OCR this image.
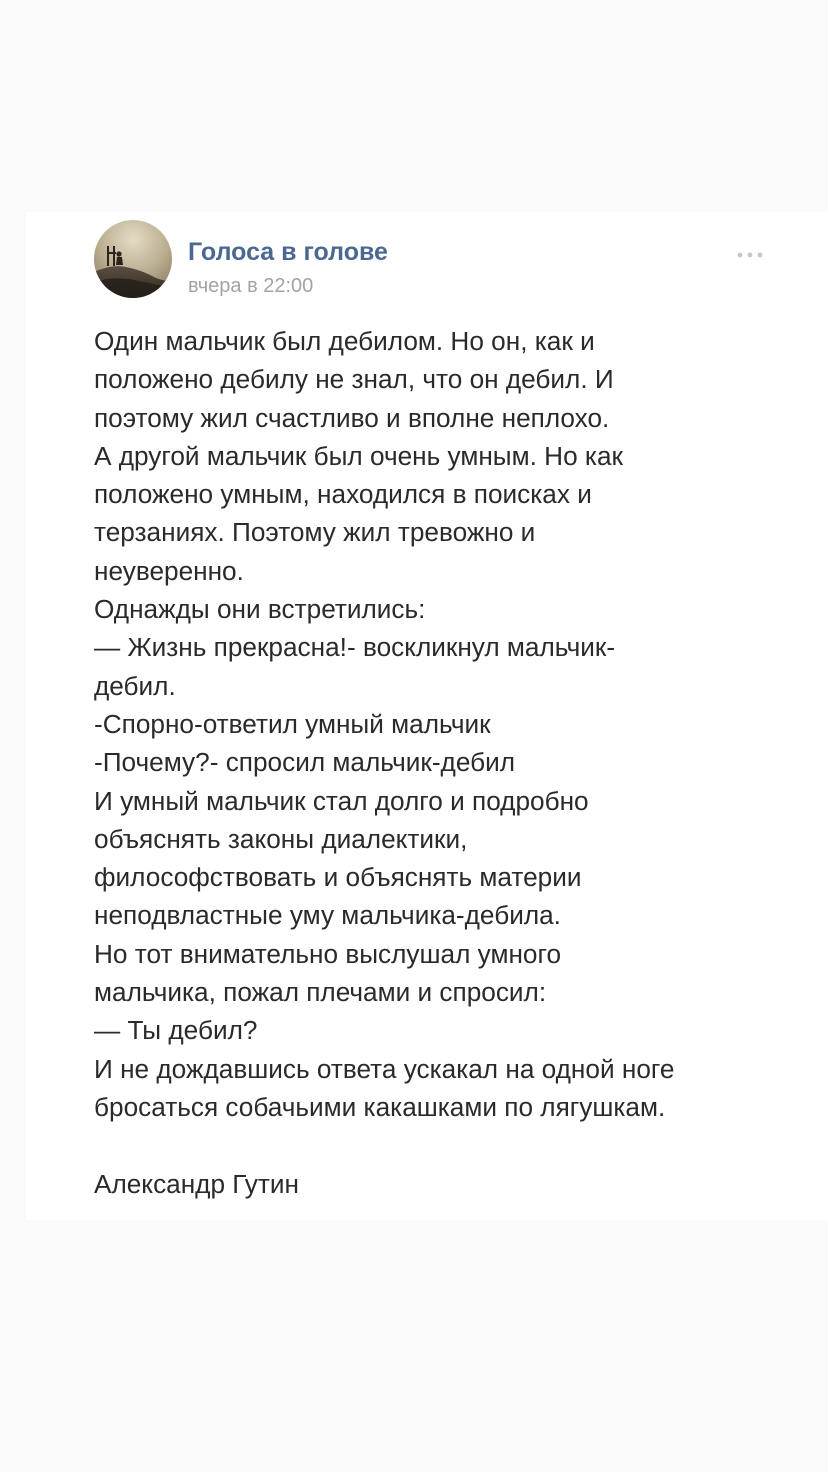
Голоса в голове
вчера в 22:00
Один мальчик был дебилом. Но он, как и
положено дебилу не знал, что он дебил. И
поэтому жил счастливо и вполне неплохо.
А другой мальчик был очень умным. Но как
положено умным, находился в поисках и
терзаниях. Поэтому жил тревожно и
неуверенно.
Однажды они встретились:
— Жизнь прекрасна!- воскликнул мальчик-
дебил.
-Спорно-ответил умный мальчик
-Почему?- спросил мальчик-дебил
И умный мальчик стал долго и подробно
объяснять законы диалектики,
философствовать и объяснять материи
неподвластные уму мальчика-дебила.
Но тот внимательно выслушал умного
мальчика, пожал плечами и спросил:
— Ты дебил?
И не дождавшись ответа ускакал на одной ноге
бросаться собачьими какашками по лягушкам.
Александр Гутин
